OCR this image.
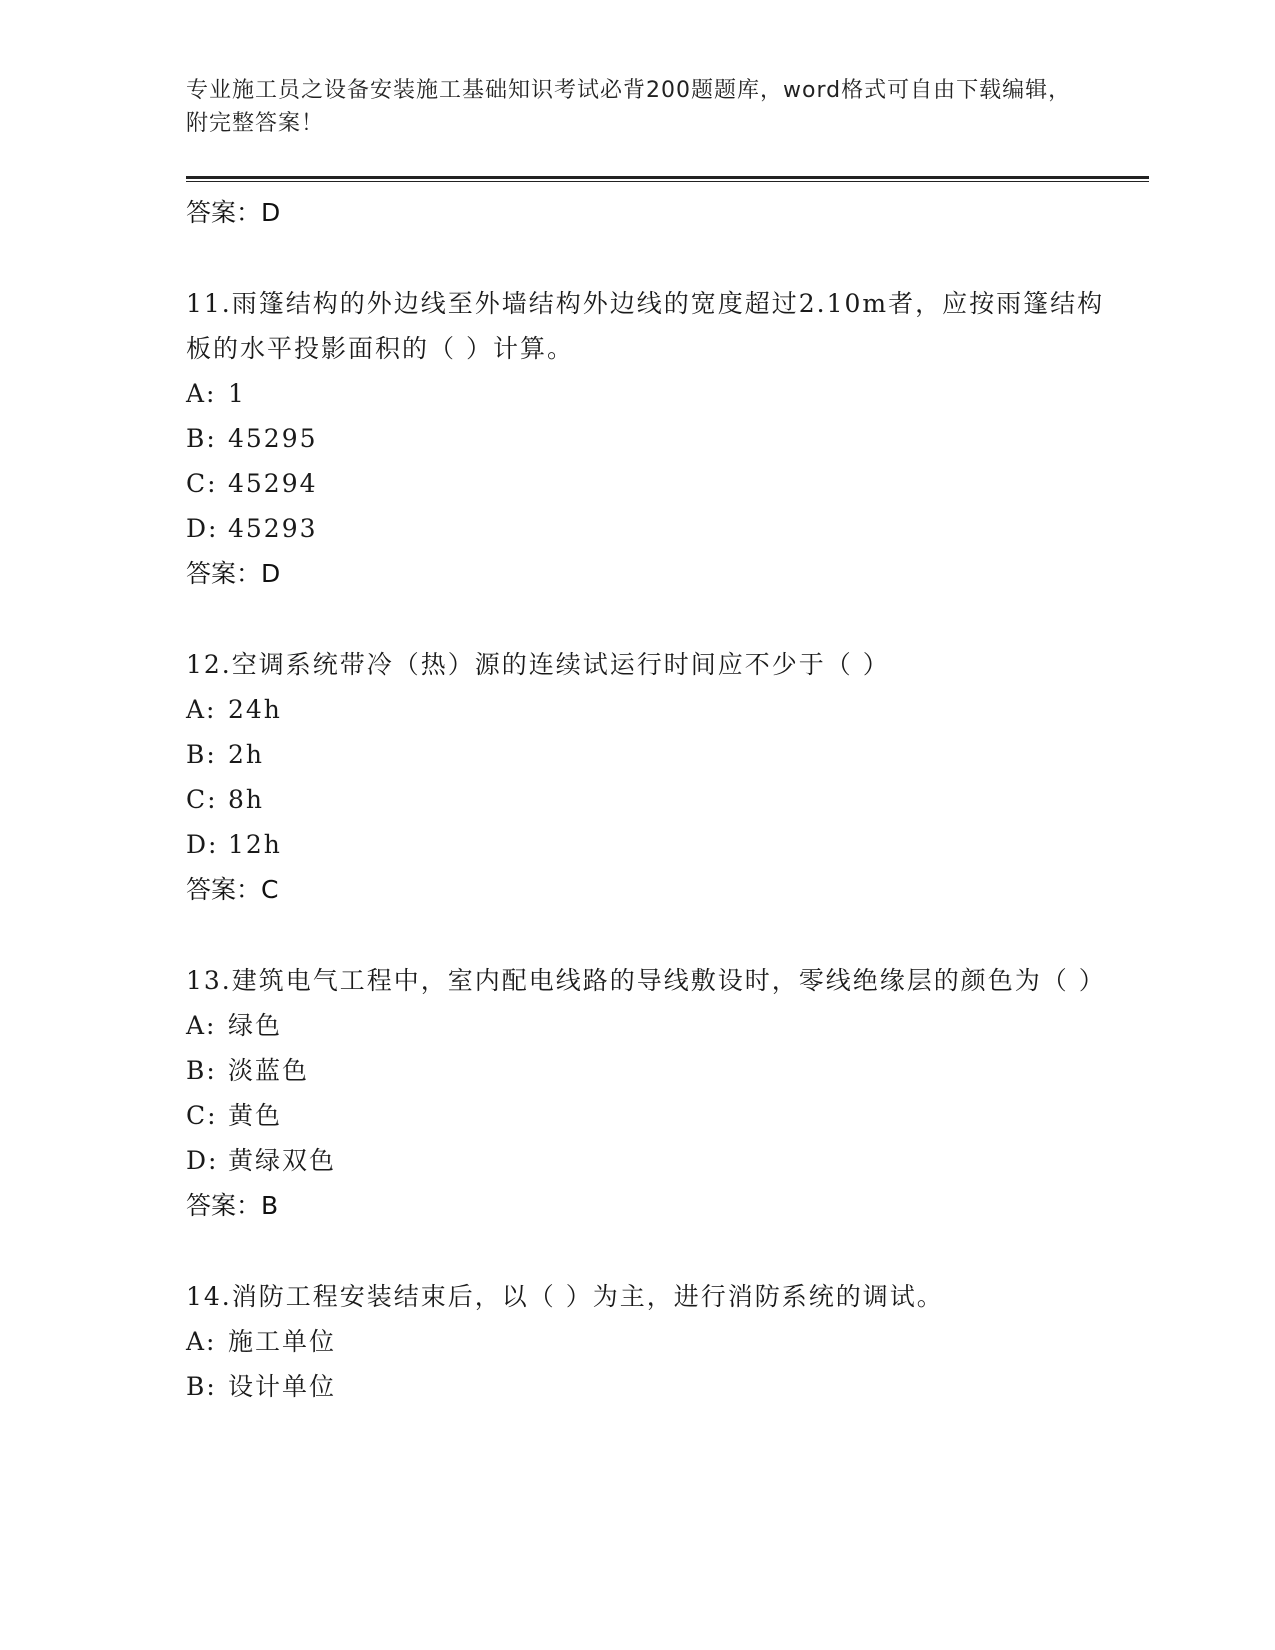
专业施工员之设备安装施工基础知识考试必背200题题库，word格式可自由下载编辑，附完整答案！
答案：D
11.雨篷结构的外边线至外墙结构外边线的宽度超过2.10m者，应按雨篷结构板的水平投影面积的（ ）计算。
A: 1
B: 45295
C: 45294
D: 45293
答案：D
12.空调系统带冷（热）源的连续试运行时间应不少于（ ）
A: 24h
B: 2h
C: 8h
D: 12h
答案：C
13.建筑电气工程中，室内配电线路的导线敷设时，零线绝缘层的颜色为（ ）
A: 绿色
B: 淡蓝色
C: 黄色
D: 黄绿双色
答案：B
14.消防工程安装结束后，以（ ）为主，进行消防系统的调试。
A: 施工单位
B: 设计单位
